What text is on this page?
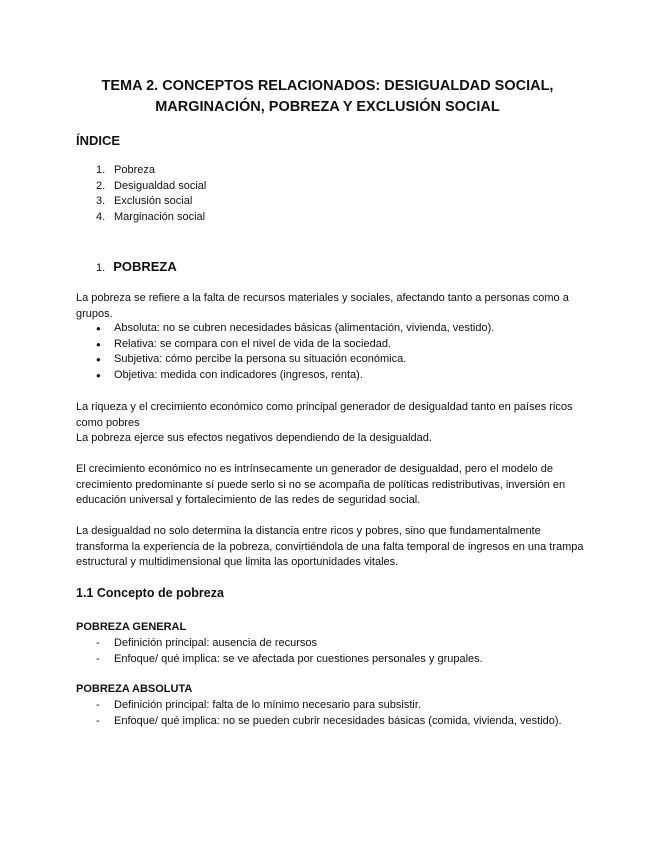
TEMA 2. CONCEPTOS RELACIONADOS: DESIGUALDAD SOCIAL,
MARGINACIÓN, POBREZA Y EXCLUSIÓN SOCIAL
ÍNDICE
1. Pobreza
2. Desigualdad social
3. Exclusión social
4. Marginación social
1. POBREZA

La pobreza se refiere a la falta de recursos materiales y sociales, afectando tanto a personas como a grupos.

● Absoluta: no se cubren necesidades básicas (alimentación, vivienda, vestido).
● Relativa: se compara con el nivel de vida de la sociedad.
● Subjetiva: cómo percibe la persona su situación económica.
● Objetiva: medida con indicadores (ingresos, renta).

La riqueza y el crecimiento económico como principal generador de desigualdad tanto en países ricos como pobres

La pobreza ejerce sus efectos negativos dependiendo de la desigualdad.

El crecimiento económico no es intrínsecamente un generador de desigualdad, pero el modelo de crecimiento predominante sí puede serlo si no se acompaña de políticas redistributivas, inversión en educación universal y fortalecimiento de las redes de seguridad social.

La desigualdad no solo determina la distancia entre ricos y pobres, sino que fundamentalmente transforma la experiencia de la pobreza, convirtiéndola de una falta temporal de ingresos en una trampa estructural y multidimensional que limita las oportunidades vitales.

1.1 Concepto de pobreza
POBREZA GENERAL
- Definición principal: ausencia de recursos
- Enfoque/ qué implica: se ve afectada por cuestiones personales y grupales.
POBREZA ABSOLUTA
- Definición principal: falta de lo mínimo necesario para subsistir.
- Enfoque/ qué implica: no se pueden cubrir necesidades básicas (comida, vivienda, vestido).
